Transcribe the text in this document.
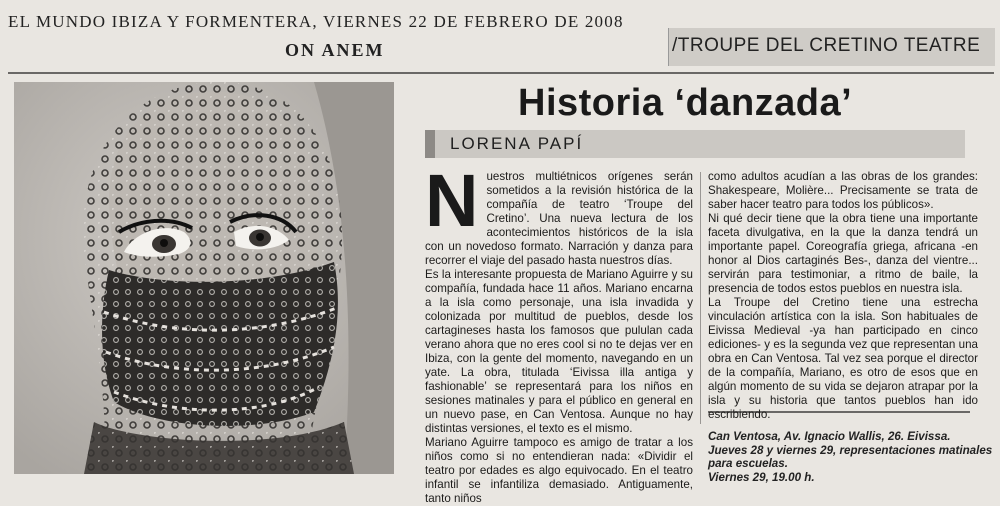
EL MUNDO IBIZA Y FORMENTERA, VIERNES 22 DE FEBRERO DE 2008
ON ANEM	/TROUPE DEL CRETINO TEATRE
Historia ‘danzada’
LORENA PAPÍ
N uestros multiétnicos orígenes serán sometidos a la revisión histórica de la compañía de teatro ‘Troupe del Cretino’. Una nueva lectura de los acontecimientos históricos de la isla con un novedoso formato. Narración y danza para recorrer el viaje del pasado hasta nuestros días.

Es la interesante propuesta de Mariano Aguirre y su compañía, fundada hace 11 años. Mariano encarna a la isla como personaje, una isla invadida y colonizada por multitud de pueblos, desde los cartagineses hasta los famosos que pululan cada verano ahora que no eres cool si no te dejas ver en Ibiza, con la gente del momento, navegando en un yate. La obra, titulada ‘Eivissa illa antiga y fashionable’ se representará para los niños en sesiones matinales y para el público en general en un nuevo pase, en Can Ventosa. Aunque no hay distintas versiones, el texto es el mismo.

Mariano Aguirre tampoco es amigo de tratar a los niños como si no entendieran nada: «Dividir el teatro por edades es algo equivocado. En el teatro infantil se infantiliza demasiado. Antiguamente, tanto niños

como adultos acudían a las obras de los grandes: Shakespeare, Molière... Precisamente se trata de saber hacer teatro para todos los públicos».

Ni qué decir tiene que la obra tiene una importante faceta divulgativa, en la que la danza tendrá un importante papel. Coreografía griega, africana -en honor al Dios cartaginés Bes-, danza del vientre... servirán para testimoniar, a ritmo de baile, la presencia de todos estos pueblos en nuestra isla.

La Troupe del Cretino tiene una estrecha vinculación artística con la isla. Son habituales de Eivissa Medieval -ya han participado en cinco ediciones- y es la segunda vez que representan una obra en Can Ventosa. Tal vez sea porque el director de la compañía, Mariano, es otro de esos que en algún momento de su vida se dejaron atrapar por la isla y su historia que tantos pueblos han ido escribiendo.

Can Ventosa, Av. Ignacio Wallis, 26. Eivissa.
Jueves 28 y viernes 29, representaciones matinales
para escuelas.
Viernes 29, 19.00 h.
